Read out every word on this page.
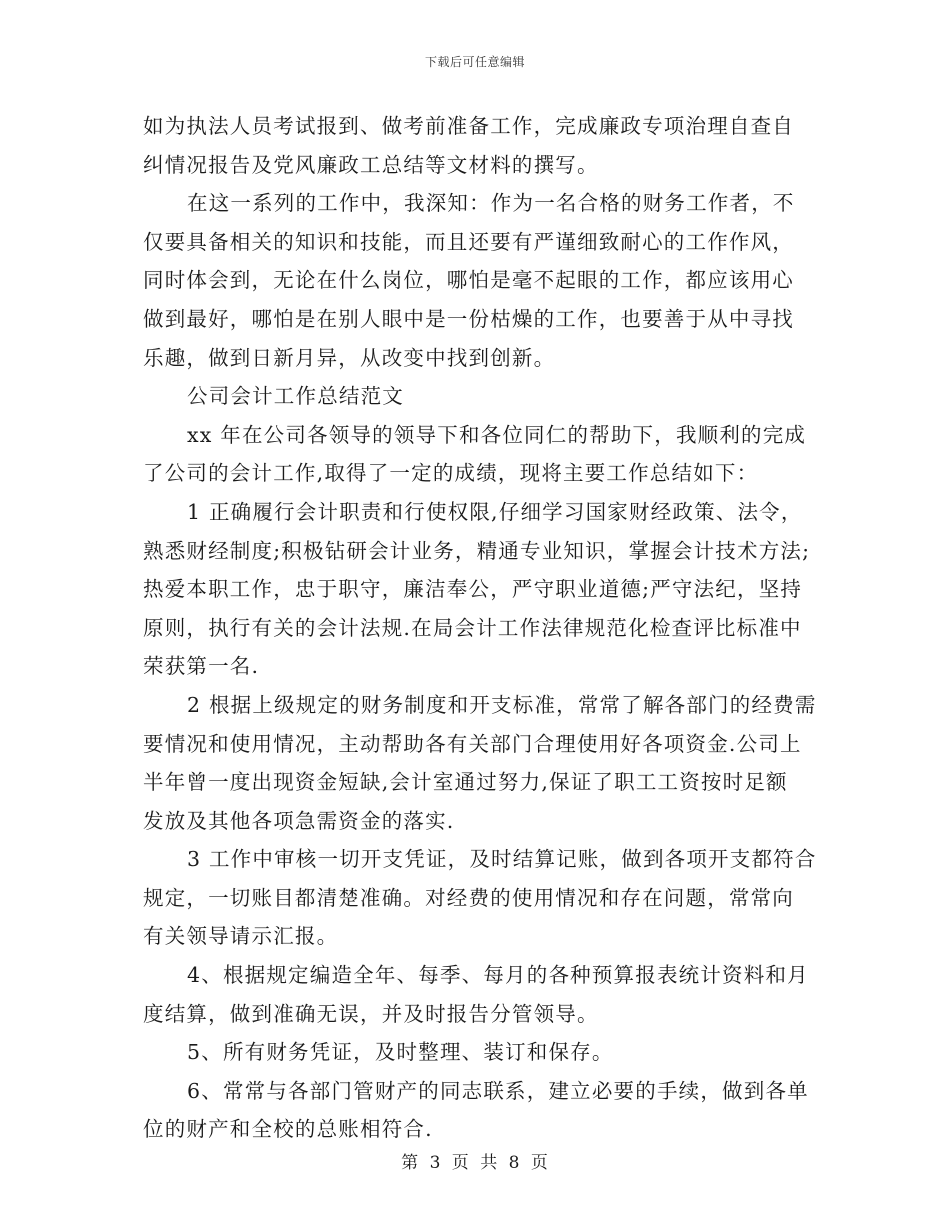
下载后可任意编辑
如为执法人员考试报到、做考前准备工作，完成廉政专项治理自查自
纠情况报告及党风廉政工总结等文材料的撰写。
在这一系列的工作中，我深知：作为一名合格的财务工作者，不
仅要具备相关的知识和技能，而且还要有严谨细致耐心的工作作风，
同时体会到，无论在什么岗位，哪怕是毫不起眼的工作，都应该用心
做到最好，哪怕是在别人眼中是一份枯燥的工作，也要善于从中寻找
乐趣，做到日新月异，从改变中找到创新。
公司会计工作总结范文
xx 年在公司各领导的领导下和各位同仁的帮助下，我顺利的完成
了公司的会计工作,取得了一定的成绩，现将主要工作总结如下：
1 正确履行会计职责和行使权限,仔细学习国家财经政策、法令，
熟悉财经制度;积极钻研会计业务，精通专业知识，掌握会计技术方法;
热爱本职工作，忠于职守，廉洁奉公，严守职业道德;严守法纪，坚持
原则，执行有关的会计法规.在局会计工作法律规范化检查评比标准中
荣获第一名.
2 根据上级规定的财务制度和开支标准，常常了解各部门的经费需
要情况和使用情况，主动帮助各有关部门合理使用好各项资金.公司上
半年曾一度出现资金短缺,会计室通过努力,保证了职工工资按时足额
发放及其他各项急需资金的落实.
3 工作中审核一切开支凭证，及时结算记账，做到各项开支都符合
规定，一切账目都清楚准确。对经费的使用情况和存在问题，常常向
有关领导请示汇报。
4、根据规定编造全年、每季、每月的各种预算报表统计资料和月
度结算，做到准确无误，并及时报告分管领导。
5、所有财务凭证，及时整理、装订和保存。
6、常常与各部门管财产的同志联系，建立必要的手续，做到各单
位的财产和全校的总账相符合.
第 3 页 共 8 页
